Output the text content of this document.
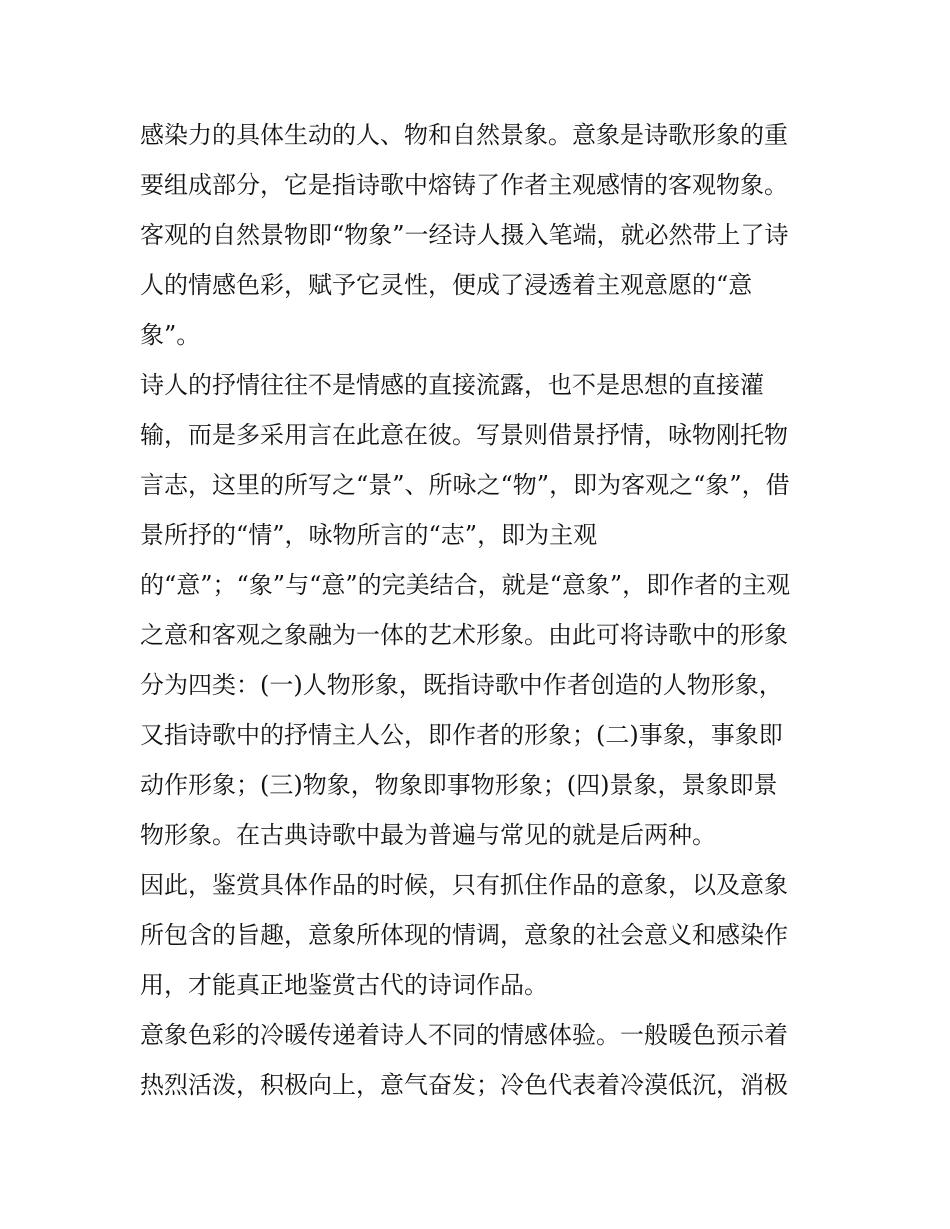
感染力的具体生动的人、物和自然景象。意象是诗歌形象的重
要组成部分，它是指诗歌中熔铸了作者主观感情的客观物象。
客观的自然景物即“物象”一经诗人摄入笔端，就必然带上了诗
人的情感色彩，赋予它灵性，便成了浸透着主观意愿的“意
象”。
诗人的抒情往往不是情感的直接流露，也不是思想的直接灌
输，而是多采用言在此意在彼。写景则借景抒情，咏物刚托物
言志，这里的所写之“景”、所咏之“物”，即为客观之“象”，借
景所抒的“情”，咏物所言的“志”，即为主观
的“意”；“象”与“意”的完美结合，就是“意象”，即作者的主观
之意和客观之象融为一体的艺术形象。由此可将诗歌中的形象
分为四类：(一)人物形象，既指诗歌中作者创造的人物形象，
又指诗歌中的抒情主人公，即作者的形象；(二)事象，事象即
动作形象；(三)物象，物象即事物形象；(四)景象，景象即景
物形象。在古典诗歌中最为普遍与常见的就是后两种。
因此，鉴赏具体作品的时候，只有抓住作品的意象，以及意象
所包含的旨趣，意象所体现的情调，意象的社会意义和感染作
用，才能真正地鉴赏古代的诗词作品。
意象色彩的冷暖传递着诗人不同的情感体验。一般暖色预示着
热烈活泼，积极向上，意气奋发；冷色代表着冷漠低沉，消极
